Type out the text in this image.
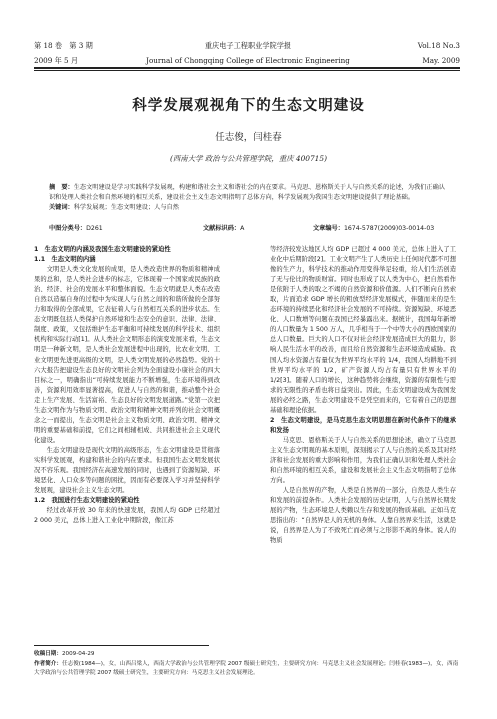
第 18 卷　第 3 期	重庆电子工程职业学院学报	Vol.18 No.3
2009 年 5 月	Journal of Chongqing College of Electronic Engineering	May. 2009
科学发展观视角下的生态文明建设
任志俊，闫桂春
(西南大学 政治与公共管理学院，重庆 400715)
摘　要：生态文明建设是学习实践科学发展观，构建和谐社会主义和谐社会的内在要求。马克思、恩格斯关于人与自然关系的论述，为我们正确认识和处理人类社会和自然环境的相互关系，建设社会主义生态文明指明了总体方向，科学发展观为我国生态文明建设提供了理论基础。
关键词：科学发展观；生态文明建设；人与自然
中图分类号：D261	文献标识码：A	文章编号：1674-5787(2009)03-0014-03
1　生态文明的内涵及我国生态文明建设的紧迫性
1.1　生态文明的内涵

文明是人类文化发展的成果，是人类改造世界的物质和精神成果的总和，是人类社会进步的标志，它体现着一个国家或民族的政治、经济、社会的发展水平和整体面貌。生态文明就是人类在改造自然以造福自身的过程中为实现人与自然之间的和谐所做的全部努力和取得的全部成果，它表征着人与自然相互关系的进步状态。生态文明既包括人类保护自然环境和生态安全的意识、法律、法律、制度、政策，又包括维护生态平衡和可持续发展的科学技术、组织机构和实际行动[1]。从人类社会文明形态的演变发展来看，生态文明是一种新文明，是人类社会发展进程中出现的，比农业文明、工业文明更先进更高级的文明，是人类文明发展的必然趋势。党的十六大报告把建设生态良好的文明社会列为全面建设小康社会的四大目标之一，明确指出“可持续发展能力不断增强，生态环境得到改善，资源利用效率显著提高，促进人与自然的和谐，推动整个社会走上生产发展、生活富裕、生态良好的文明发展道路。”党第一次把生态文明作为与物质文明、政治文明和精神文明并列的社会文明概念之一而提出，生态文明是社会主义物质文明、政治文明、精神文明的重要基础和前提，它们之间相辅相成、共同推进社会主义现代化建设。

生态文明建设是现代文明的高级形态，生态文明建设是贯彻落实科学发展观，构建和谐社会的内在要求。但我国生态文明发展状况不容乐观。我国经济在高速发展的同时，也遇到了资源短缺、环境恶化、人口众多等问题的困扰，因而有必要深入学习并坚持科学发展观，建设社会主义生态文明。

1.2　我国进行生态文明建设的紧迫性

经过改革开放 30 年来的快速发展，我国人均 GDP 已经超过 2 000 美元，总体上进入工业化中期阶段，像江苏

等经济较发达地区人均 GDP 已超过 4 000 美元，总体上进入了工业化中后期阶段[2]。工业文明产生了人类历史上任何时代都不可想像的生产力，科学技术的推动作用变得举足轻重，给人们生活创造了无与伦比的物质财富。同时也形成了以人类为中心，把自然看作是依附于人类的取之不竭的自然资源和价值源。人们不断向自然索取，片面追求 GDP 增长的粗放型经济发展模式，伴随而来的是生态环境的持续恶化和经济社会发展的不可持续。资源短缺、环境恶化、人口数增等问题在我国已经暴露出来。据统计，我国每年新增的人口数量为 1 500 万人，几乎相当于一个中等大小的西欧国家的总人口数量。巨大的人口不仅对社会经济发展造成巨大的阻力，影响人民生活水平的改善，而且给自然资源和生态环境造成威胁。我国人均水资源占有量仅为世界平均水平的 1/4，我国人均耕地不到世界平均水平的 1/2，矿产资源人均占有量只有世界水平的 1/2[3]。随着人口的增长，这种趋势将会继续，资源的有限性与需求的无限性的矛盾也将日益突出。因此，生态文明建设成为我国发展的必经之路，生态文明建设不是凭空而来的，它有着自己的思想基础和理论依据。

2　生态文明建设，是马克思生态文明思想在新时代条件下的继承和发扬

马克思、恩格斯关于人与自然关系的思想论述，确立了马克思主义生态文明观的基本原则，深刻揭示了人与自然的关系及其对经济和社会发展的重大影响和作用，为我们正确认识和处理人类社会和自然环境的相互关系，建设和发展社会主义生态文明指明了总体方向。

人是自然界的产物，人类是自然界的一部分，自然是人类生存和发展的前提条件。人类社会发展的历史证明，人与自然界长期发展的产物，生态环境是人类赖以生存和发展的物质基础。正如马克思指出的：“自然界是人的无机的身体。人靠自然界来生活，这就是说，自然界是人为了不致死亡而必须与之形影不离的身体。说人的物质

收稿日期：2009-04-29
作者简介：任志俊(1984—)，女，山西吕梁人，西南大学政治与公共管理学院 2007 级硕士研究生，主要研究方向：马克思主义社会发展理论；闫桂春(1983—)，女，西南大学政治与公共管理学院 2007 级硕士研究生，主要研究方向：马克思主义社会发展理论。
